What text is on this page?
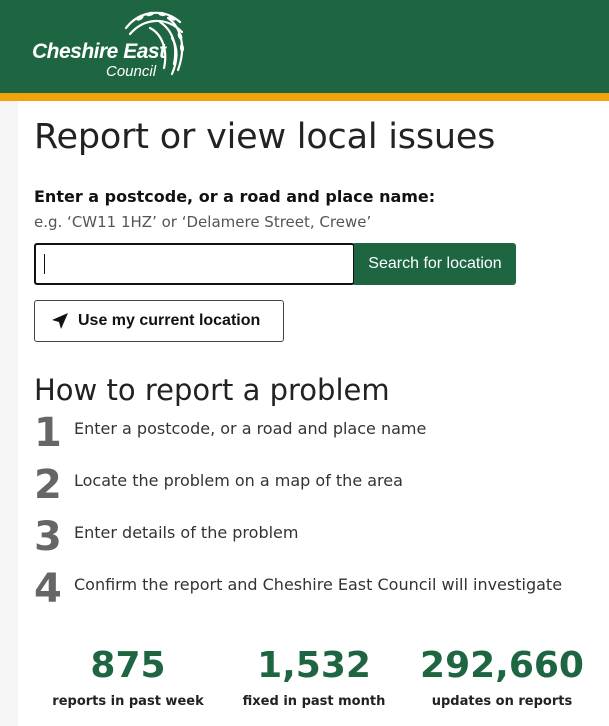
Cheshire East
Council
Report or view local issues
Enter a postcode, or a road and place name:
e.g. ‘CW11 1HZ’ or ‘Delamere Street, Crewe’
Search for location
Use my current location
How to report a problem
1 Enter a postcode, or a road and place name
2 Locate the problem on a map of the area
3 Enter details of the problem
4 Confirm the report and Cheshire East Council will investigate
875
reports in past week
1,532
fixed in past month
292,660
updates on reports
